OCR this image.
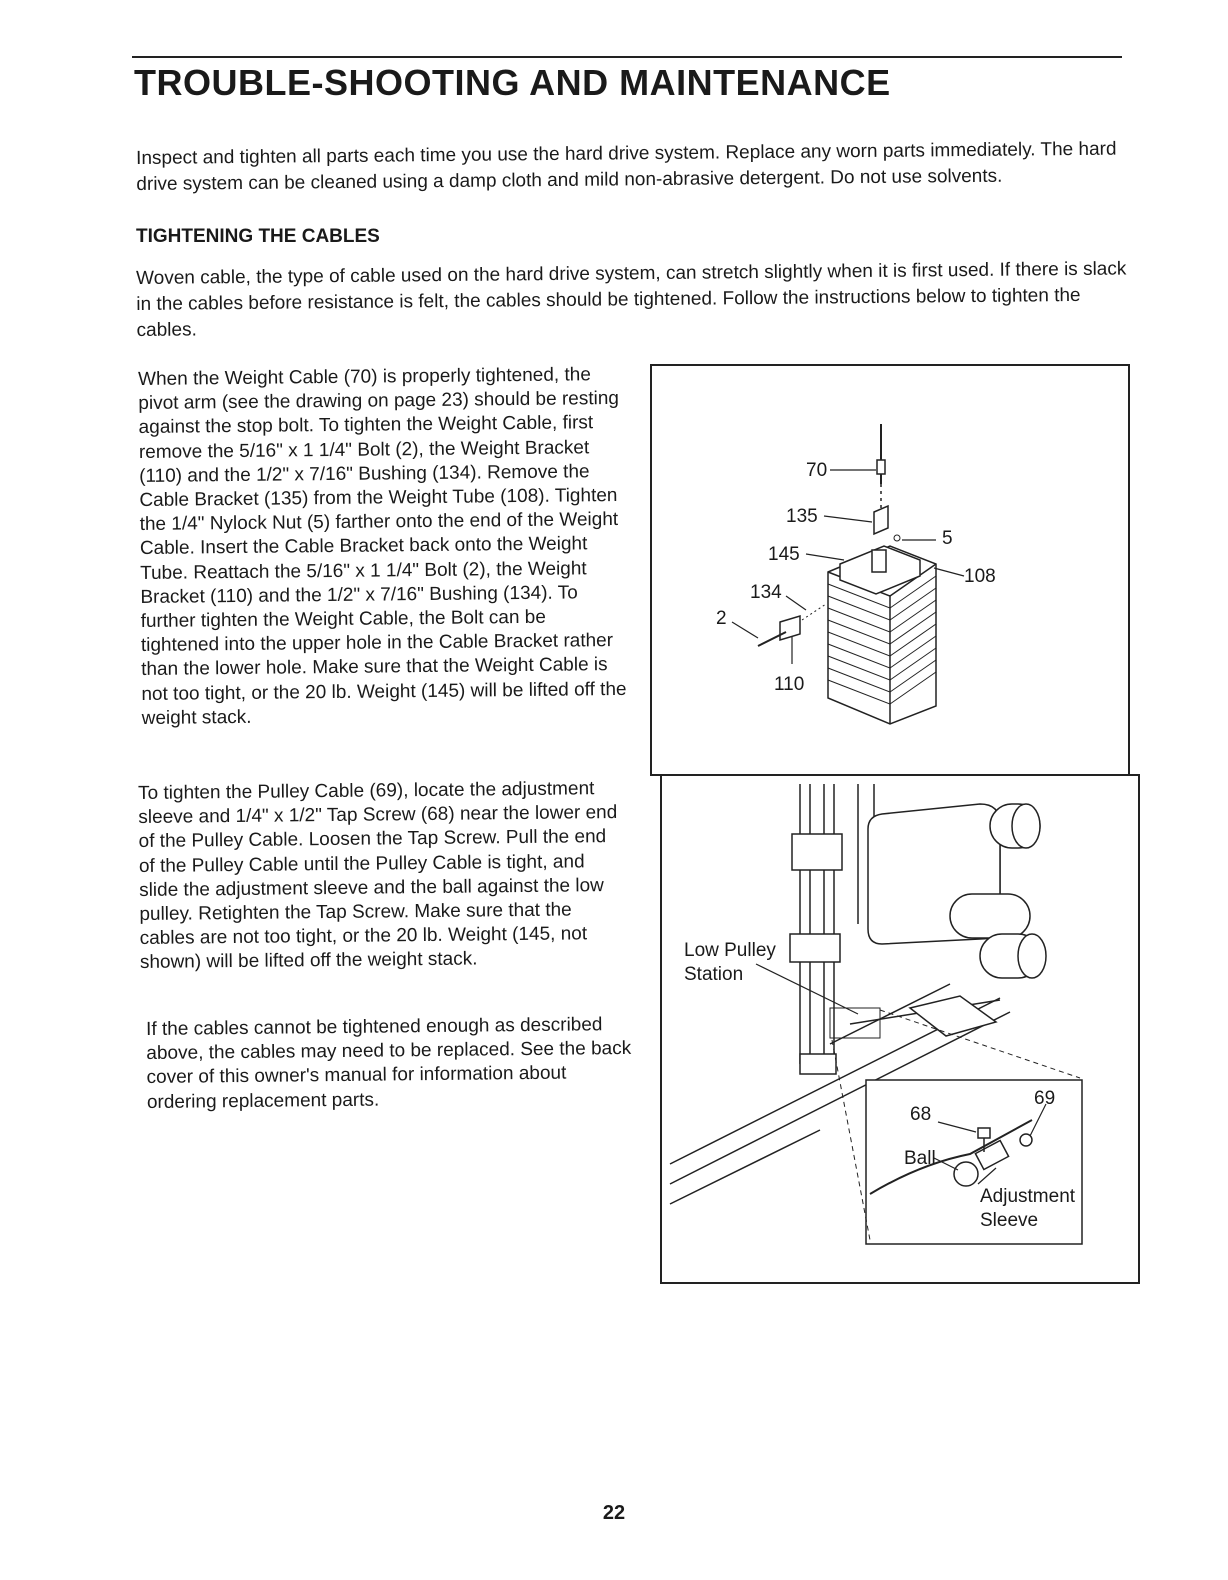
TROUBLE-SHOOTING AND MAINTENANCE

Inspect and tighten all parts each time you use the hard drive system. Replace any worn parts immediately. The hard drive system can be cleaned using a damp cloth and mild non-abrasive detergent. Do not use solvents.

TIGHTENING THE CABLES

Woven cable, the type of cable used on the hard drive system, can stretch slightly when it is first used. If there is slack in the cables before resistance is felt, the cables should be tightened. Follow the instructions below to tighten the cables.

When the Weight Cable (70) is properly tightened, the pivot arm (see the drawing on page 23) should be resting against the stop bolt. To tighten the Weight Cable, first remove the 5/16" x 1 1/4" Bolt (2), the Weight Bracket (110) and the 1/2" x 7/16" Bushing (134). Remove the Cable Bracket (135) from the Weight Tube (108). Tighten the 1/4" Nylock Nut (5) farther onto the end of the Weight Cable. Insert the Cable Bracket back onto the Weight Tube. Reattach the 5/16" x 1 1/4" Bolt (2), the Weight Bracket (110) and the 1/2" x 7/16" Bushing (134). To further tighten the Weight Cable, the Bolt can be tightened into the upper hole in the Cable Bracket rather than the lower hole. Make sure that the Weight Cable is not too tight, or the 20 lb. Weight (145) will be lifted off the weight stack.

To tighten the Pulley Cable (69), locate the adjustment sleeve and 1/4" x 1/2" Tap Screw (68) near the lower end of the Pulley Cable. Loosen the Tap Screw. Pull the end of the Pulley Cable until the Pulley Cable is tight, and slide the adjustment sleeve and the ball against the low pulley. Retighten the Tap Screw. Make sure that the cables are not too tight, or the 20 lb. Weight (145, not shown) will be lifted off the weight stack.

If the cables cannot be tightened enough as described above, the cables may need to be replaced. See the back cover of this owner's manual for information about ordering replacement parts.

70
135
5
145
108
134
2
110
Low Pulley
Station
68
69
Ball
Adjustment
Sleeve
22
